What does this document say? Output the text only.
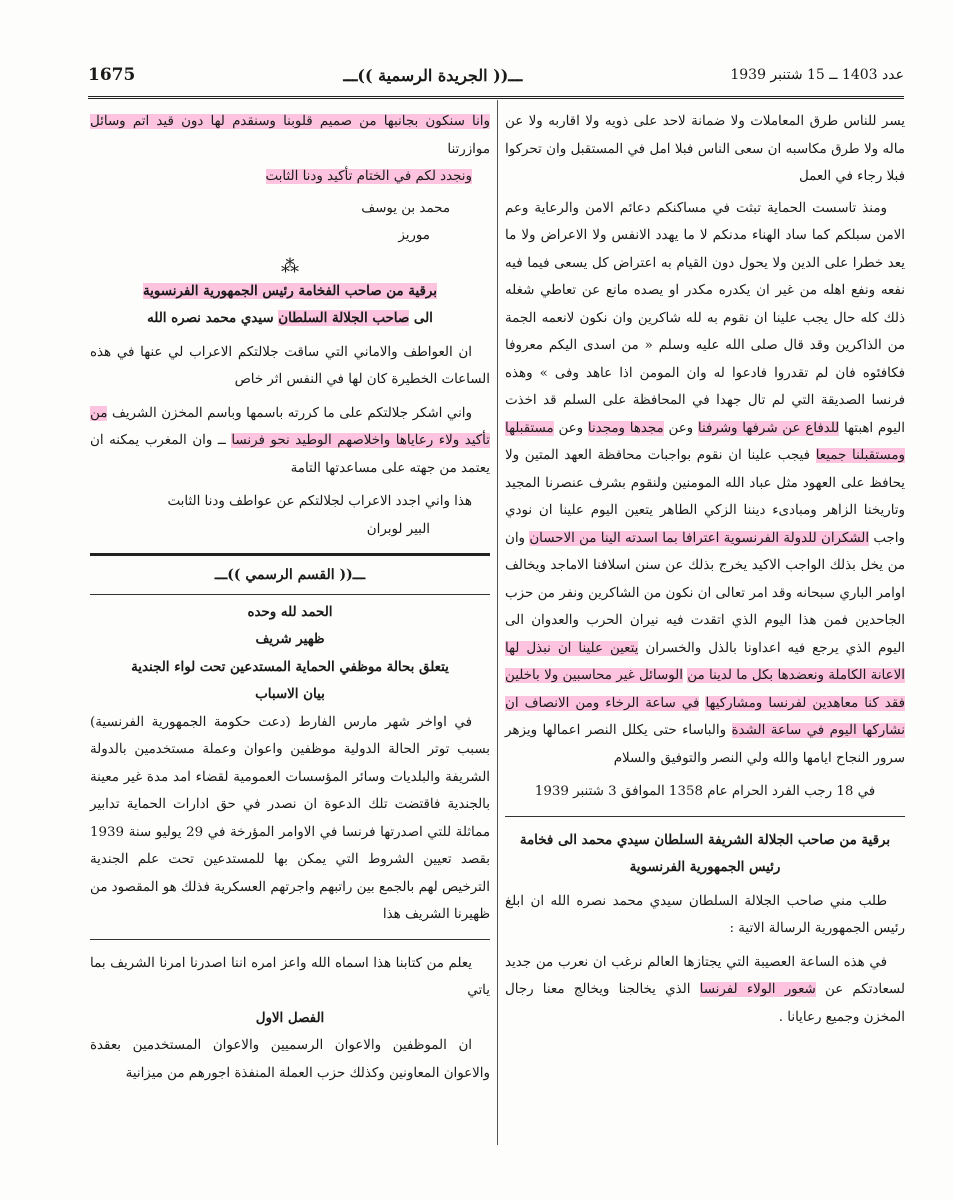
1675	ـــ(( الجريدة الرسمية ))ـــ	عدد 1403 ــ 15 شتنبر 1939

يسر للناس طرق المعاملات ولا ضمانة لاحد على ذويه ولا اقاربه ولا عن ماله ولا طرق مكاسبه ان سعى الناس فبلا امل في المستقبل وان تحركوا فبلا رجاء في العمل

ومنذ تاسست الحماية تبثت في مساكنكم دعائم الامن والرعاية وعم الامن سبلكم كما ساد الهناء مدنكم لا ما يهدد الانفس ولا الاعراض ولا ما يعد خطرا على الدين ولا يحول دون القيام به اعتراض كل يسعى فيما فيه نفعه ونفع اهله من غير ان يكدره مكدر او يصده مانع عن تعاطي شغله ذلك كله حال يجب علينا ان نقوم به لله شاكرين وان نكون لانعمه الجمة من الذاكرين وقد قال صلى الله عليه وسلم « من اسدى اليكم معروفا فكافئوه فان لم تقدروا فادعوا له وان المومن اذا عاهد وفى » وهذه فرنسا الصديقة التي لم تال جهدا في المحافظة على السلم قد اخذت اليوم اهبتها للدفاع عن شرفها وشرفنا وعن مجدها ومجدنا وعن مستقبلها ومستقبلنا جميعا فيجب علينا ان نقوم بواجبات محافظة العهد المتين ولا يحافظ على العهود مثل عباد الله المومنين ولنقوم بشرف عنصرنا المجيد وتاريخنا الزاهر ومبادىء ديننا الزكي الطاهر يتعين اليوم علينا ان نودي واجب الشكران للدولة الفرنسوية اعترافا بما اسدته الينا من الاحسان وان من يخل بذلك الواجب الاكيد يخرج بذلك عن سنن اسلافنا الاماجد ويخالف اوامر الباري سبحانه وقد امر تعالى ان نكون من الشاكرين ونفر من حزب الجاحدين فمن هذا اليوم الذي اتقدت فيه نيران الحرب والعدوان الى اليوم الذي يرجع فيه اعداونا بالذل والخسران يتعين علينا ان نبذل لها الاعانة الكاملة ونعضدها بكل ما لدينا من الوسائل غير محاسبين ولا باخلين فقد كنا معاهدين لفرنسا ومشاركيها في ساعة الرخاء ومن الانصاف ان نشاركها اليوم في ساعة الشدة والباساء حتى يكلل النصر اعمالها ويزهر سرور النجاح ايامها والله ولي النصر والتوفيق والسلام

في 18 رجب الفرد الحرام عام 1358 الموافق 3 شتنبر 1939

برقية من صاحب الجلالة الشريفة السلطان سيدي محمد الى فخامة
رئيس الجمهورية الفرنسوية

طلب مني صاحب الجلالة السلطان سيدي محمد نصره الله ان ابلغ رئيس الجمهورية الرسالة الاتية :

في هذه الساعة العصيبة التي يجتازها العالم نرغب ان نعرب من جديد لسعادتكم عن شعور الولاء لفرنسا الذي يخالجنا ويخالج معنا رجال المخزن وجميع رعايانا .

وانا سنكون بجانبها من صميم قلوبنا وسنقدم لها دون قيد اتم وسائل موازرتنا

ونجدد لكم في الختام تأكيد ودنا الثابت

محمد بن يوسف

موريز

⁂

برقية من صاحب الفخامة رئيس الجمهورية الفرنسوية
الى صاحب الجلالة السلطان سيدي محمد نصره الله

ان العواطف والاماني التي ساقت جلالتكم الاعراب لي عنها في هذه الساعات الخطيرة كان لها في النفس اثر خاص

واني اشكر جلالتكم على ما كررته باسمها وباسم المخزن الشريف من تأكيد ولاء رعاياها واخلاصهم الوطيد نحو فرنسا ــ وان المغرب يمكنه ان يعتمد من جهته على مساعدتها التامة

هذا واني اجدد الاعراب لجلالتكم عن عواطف ودنا الثابت

البير لوبران

ـــ(( القسم الرسمي ))ـــ

الحمد لله وحده

ظهير شريف

يتعلق بحالة موظفي الحماية المستدعين تحت لواء الجندية

بيان الاسباب

في اواخر شهر مارس الفارط (دعت حكومة الجمهورية الفرنسية) بسبب توتر الحالة الدولية موظفين واعوان وعملة مستخدمين بالدولة الشريفة والبلديات وسائر المؤسسات العمومية لقضاء امد مدة غير معينة بالجندية فاقتضت تلك الدعوة ان نصدر في حق ادارات الحماية تدابير مماثلة للتي اصدرتها فرنسا في الاوامر المؤرخة في 29 يوليو سنة 1939 بقصد تعيين الشروط التي يمكن بها للمستدعين تحت علم الجندية الترخيص لهم بالجمع بين راتبهم واجرتهم العسكرية فذلك هو المقصود من ظهيرنا الشريف هذا

يعلم من كتابنا هذا اسماه الله واعز امره اننا اصدرنا امرنا الشريف بما ياتي

الفصل الاول

ان الموظفين والاعوان الرسميين والاعوان المستخدمين بعقدة والاعوان المعاونين وكذلك حزب العملة المنفذة اجورهم من ميزانية
